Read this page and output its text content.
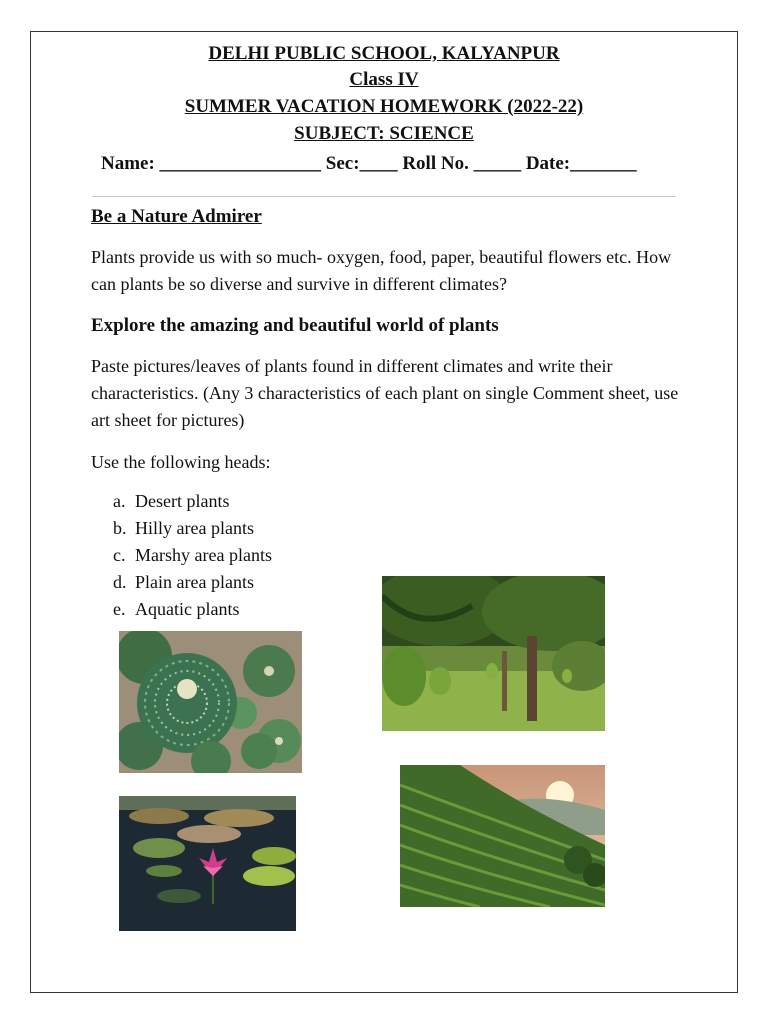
DELHI PUBLIC SCHOOL, KALYANPUR
Class IV
SUMMER VACATION HOMEWORK (2022-22)
SUBJECT: SCIENCE
Name: _________________ Sec:____ Roll No. _____ Date:_______
Be a Nature Admirer
Plants provide us with so much- oxygen, food, paper, beautiful flowers etc. How can plants be so diverse and survive in different climates?
Explore the amazing and beautiful world of plants
Paste pictures/leaves of plants found in different climates and write their characteristics. (Any 3 characteristics of each plant on single Comment sheet, use art sheet for pictures)
Use the following heads:
a. Desert plants
b. Hilly area plants
c. Marshy area plants
d. Plain area plants
e. Aquatic plants
